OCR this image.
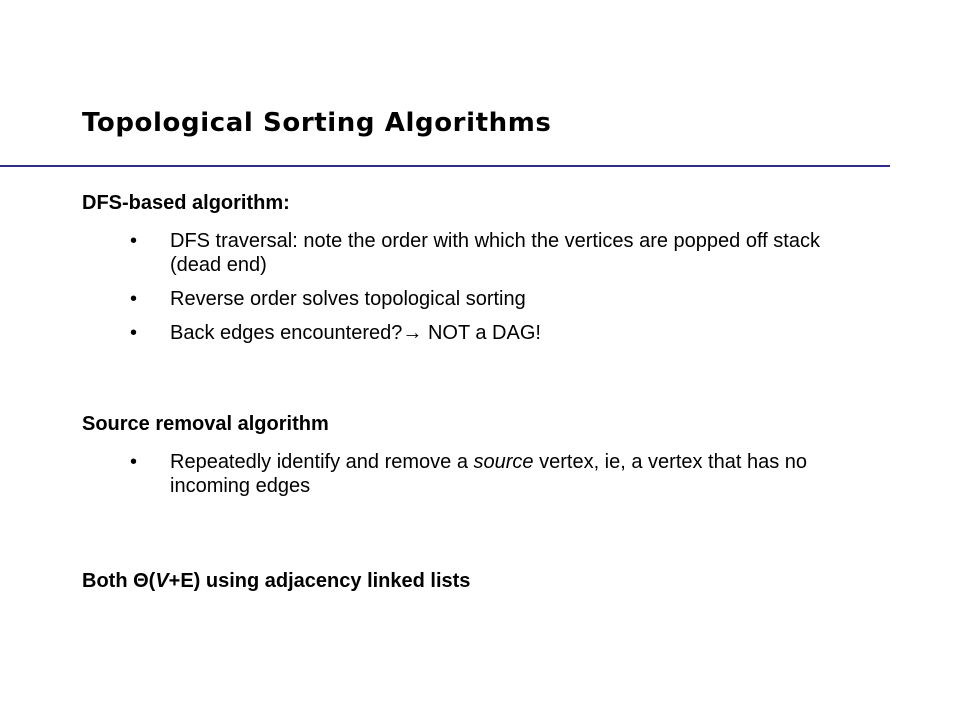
Topological Sorting Algorithms
DFS-based algorithm:
• DFS traversal: note the order with which the vertices are popped off stack (dead end)
• Reverse order solves topological sorting
• Back edges encountered?→ NOT a DAG!
Source removal algorithm
• Repeatedly identify and remove a source vertex, ie, a vertex that has no incoming edges
Both Θ(V+E) using adjacency linked lists
